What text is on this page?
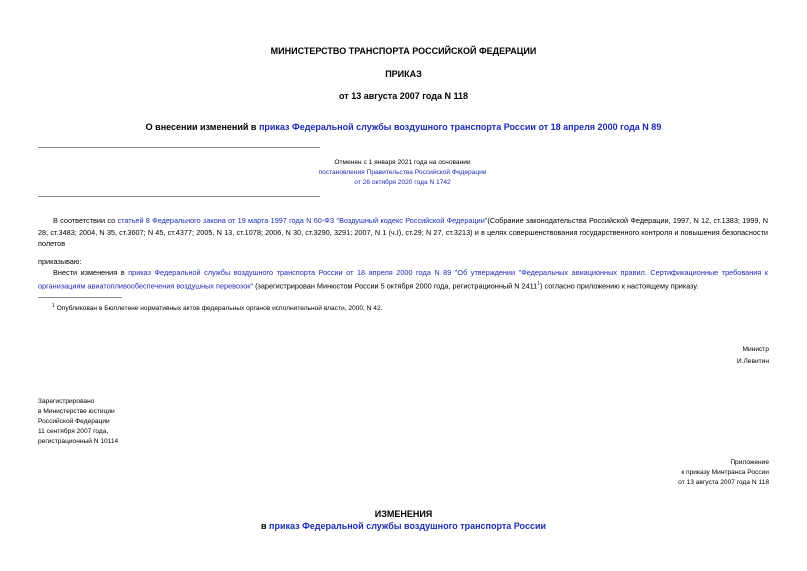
МИНИСТЕРСТВО ТРАНСПОРТА РОССИЙСКОЙ ФЕДЕРАЦИИ
ПРИКАЗ
от 13 августа 2007 года N 118
О внесении изменений в приказ Федеральной службы воздушного транспорта России от 18 апреля 2000 года N 89
Отменен с 1 января 2021 года на основании
постановления Правительства Российской Федерации
от 26 октября 2020 года N 1742
В соответствии со статьей 8 Федерального закона от 19 марта 1997 года N 60-ФЗ "Воздушный кодекс Российской Федерации"(Собрание законодательства Российской Федерации, 1997, N 12, ст.1383; 1999, N 28, ст.3483; 2004, N 35, ст.3607; N 45, ст.4377; 2005, N 13, ст.1078; 2006, N 30, ст.3290, 3291; 2007, N 1 (ч.I), ст.29; N 27, ст.3213) и в целях совершенствования государственного контроля и повышения безопасности полетов
приказываю:
Внести изменения в приказ Федеральной службы воздушного транспорта России от 18 апреля 2000 года N 89 "Об утверждении "Федеральных авиационных правил. Сертификационные требования к организациям авиатопливообеспечения воздушных перевозок" (зарегистрирован Минюстом России 5 октября 2000 года, регистрационный N 2411$^1$) согласно приложению к настоящему приказу.
$^1$ Опубликован в Бюллетене нормативных актов федеральных органов исполнительной власти, 2000, N 42.
Министр
И.Левитин
Зарегистрировано
в Министерстве юстиции
Российской Федерации
11 сентября 2007 года,
регистрационный N 10114
Приложение
к приказу Минтранса России
от 13 августа 2007 года N 118
ИЗМЕНЕНИЯ
в приказ Федеральной службы воздушного транспорта России
